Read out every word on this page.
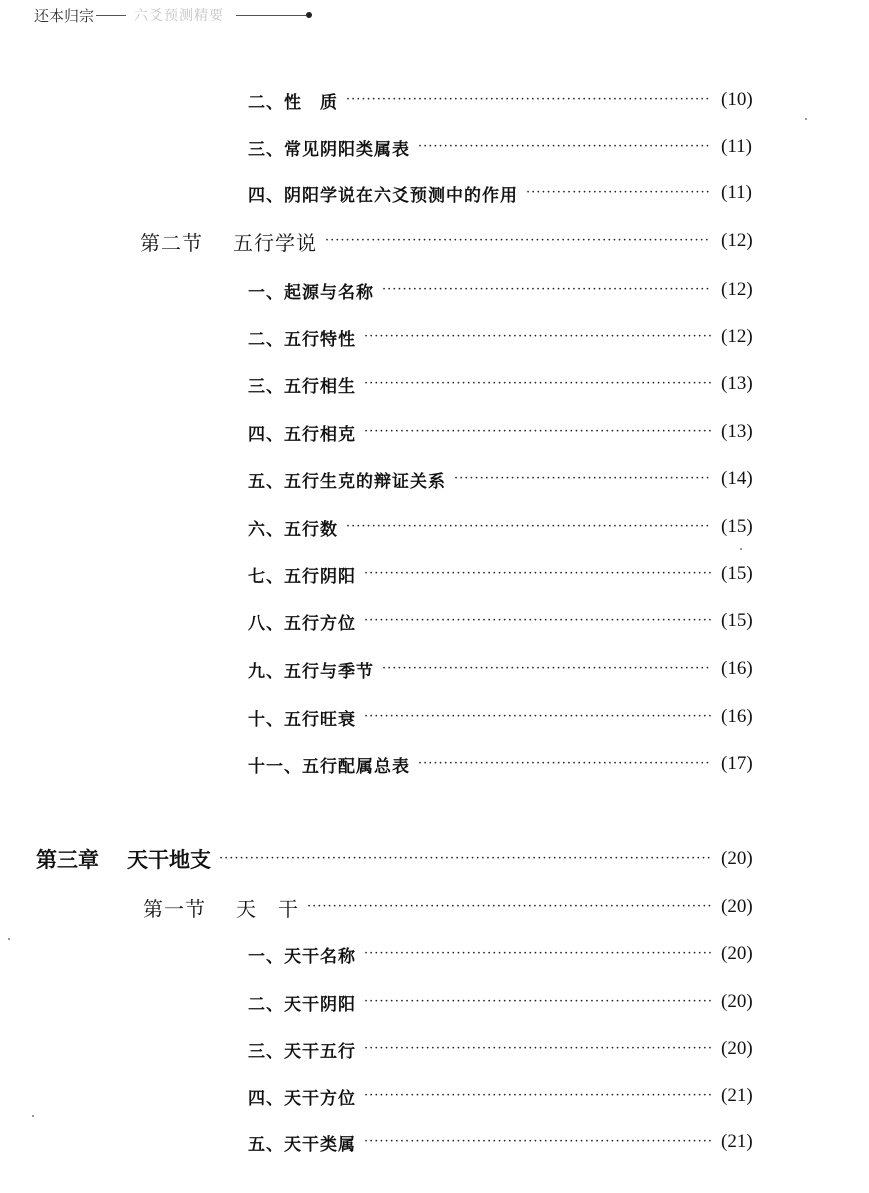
还本归宗	六爻预测精要
二、性　质 ·····	(10)
三、常见阴阳类属表 ·····	(11)
四、阴阳学说在六爻预测中的作用 ·····	(11)
第二节 五行学说 ·····	(12)
一、起源与名称 ·····	(12)
二、五行特性 ·····	(12)
三、五行相生 ·····	(13)
四、五行相克 ·····	(13)
五、五行生克的辩证关系 ·····	(14)
六、五行数 ·····	(15)
七、五行阴阳 ·····	(15)
八、五行方位 ·····	(15)
九、五行与季节 ·····	(16)
十、五行旺衰 ·····	(16)
十一、五行配属总表 ·····	(17)
第三章 天干地支 ·····	(20)
第一节 天　干 ·····	(20)
一、天干名称 ·····	(20)
二、天干阴阳 ·····	(20)
三、天干五行 ·····	(20)
四、天干方位 ·····	(21)
五、天干类属 ·····	(21)
